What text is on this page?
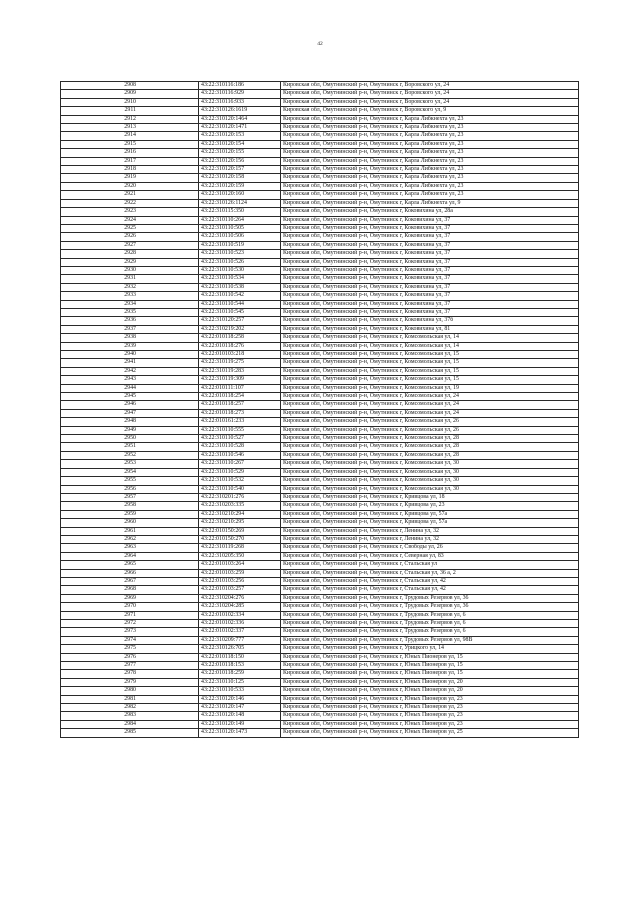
42
2908	43:22:310116:186	Кировская обл, Омутнинский р-н, Омутнинск г, Воровского ул, 24
2909	43:22:310116:929	Кировская обл, Омутнинский р-н, Омутнинск г, Воровского ул, 24
2910	43:22:310116:933	Кировская обл, Омутнинский р-н, Омутнинск г, Воровского ул, 24
2911	43:22:310126:1619	Кировская обл, Омутнинский р-н, Омутнинск г, Воровского ул, 9
2912	43:22:310120:1464	Кировская обл, Омутнинский р-н, Омутнинск г, Карла Либкнехта ул, 23
2913	43:22:310120:1471	Кировская обл, Омутнинский р-н, Омутнинск г, Карла Либкнехта ул, 23
2914	43:22:310120:153	Кировская обл, Омутнинский р-н, Омутнинск г, Карла Либкнехта ул, 23
2915	43:22:310120:154	Кировская обл, Омутнинский р-н, Омутнинск г, Карла Либкнехта ул, 23
2916	43:22:310120:155	Кировская обл, Омутнинский р-н, Омутнинск г, Карла Либкнехта ул, 23
2917	43:22:310120:156	Кировская обл, Омутнинский р-н, Омутнинск г, Карла Либкнехта ул, 23
2918	43:22:310120:157	Кировская обл, Омутнинский р-н, Омутнинск г, Карла Либкнехта ул, 23
2919	43:22:310120:158	Кировская обл, Омутнинский р-н, Омутнинск г, Карла Либкнехта ул, 23
2920	43:22:310120:159	Кировская обл, Омутнинский р-н, Омутнинск г, Карла Либкнехта ул, 23
2921	43:22:310120:160	Кировская обл, Омутнинский р-н, Омутнинск г, Карла Либкнехта ул, 23
2922	43:22:310126:1124	Кировская обл, Омутнинский р-н, Омутнинск г, Карла Либкнехта ул, 9
2923	43:22:310115:350	Кировская обл, Омутнинский р-н, Омутнинск г, Коковихина ул, 28а
2924	43:22:310110:264	Кировская обл, Омутнинский р-н, Омутнинск г, Коковихина ул, 37
2925	43:22:310110:505	Кировская обл, Омутнинский р-н, Омутнинск г, Коковихина ул, 37
2926	43:22:310110:506	Кировская обл, Омутнинский р-н, Омутнинск г, Коковихина ул, 37
2927	43:22:310110:519	Кировская обл, Омутнинский р-н, Омутнинск г, Коковихина ул, 37
2928	43:22:310110:523	Кировская обл, Омутнинский р-н, Омутнинск г, Коковихина ул, 37
2929	43:22:310110:526	Кировская обл, Омутнинский р-н, Омутнинск г, Коковихина ул, 37
2930	43:22:310110:530	Кировская обл, Омутнинский р-н, Омутнинск г, Коковихина ул, 37
2931	43:22:310110:534	Кировская обл, Омутнинский р-н, Омутнинск г, Коковихина ул, 37
2932	43:22:310110:538	Кировская обл, Омутнинский р-н, Омутнинск г, Коковихина ул, 37
2933	43:22:310110:542	Кировская обл, Омутнинский р-н, Омутнинск г, Коковихина ул, 37
2934	43:22:310110:544	Кировская обл, Омутнинский р-н, Омутнинск г, Коковихина ул, 37
2935	43:22:310110:545	Кировская обл, Омутнинский р-н, Омутнинск г, Коковихина ул, 37
2936	43:22:310120:257	Кировская обл, Омутнинский р-н, Омутнинск г, Коковихина ул, 37б
2937	43:22:310219:202	Кировская обл, Омутнинский р-н, Омутнинск г, Коковихина ул, 81
2938	43:22:010118:258	Кировская обл, Омутнинский р-н, Омутнинск г, Комсомольская ул, 14
2939	43:22:010118:276	Кировская обл, Омутнинский р-н, Омутнинск г, Комсомольская ул, 14
2940	43:22:010103:218	Кировская обл, Омутнинский р-н, Омутнинск г, Комсомольская ул, 15
2941	43:22:310119:275	Кировская обл, Омутнинский р-н, Омутнинск г, Комсомольская ул, 15
2942	43:22:310119:283	Кировская обл, Омутнинский р-н, Омутнинск г, Комсомольская ул, 15
2943	43:22:310119:309	Кировская обл, Омутнинский р-н, Омутнинск г, Комсомольская ул, 15
2944	43:22:010111:107	Кировская обл, Омутнинский р-н, Омутнинск г, Комсомольская ул, 19
2945	43:22:010118:254	Кировская обл, Омутнинский р-н, Омутнинск г, Комсомольская ул, 24
2946	43:22:010118:257	Кировская обл, Омутнинский р-н, Омутнинск г, Комсомольская ул, 24
2947	43:22:010118:273	Кировская обл, Омутнинский р-н, Омутнинск г, Комсомольская ул, 24
2948	43:22:010161:233	Кировская обл, Омутнинский р-н, Омутнинск г, Комсомольская ул, 26
2949	43:22:310110:555	Кировская обл, Омутнинский р-н, Омутнинск г, Комсомольская ул, 26
2950	43:22:310110:527	Кировская обл, Омутнинский р-н, Омутнинск г, Комсомольская ул, 28
2951	43:22:310110:528	Кировская обл, Омутнинский р-н, Омутнинск г, Комсомольская ул, 28
2952	43:22:310110:546	Кировская обл, Омутнинский р-н, Омутнинск г, Комсомольская ул, 28
2953	43:22:310110:267	Кировская обл, Омутнинский р-н, Омутнинск г, Комсомольская ул, 30
2954	43:22:310110:529	Кировская обл, Омутнинский р-н, Омутнинск г, Комсомольская ул, 30
2955	43:22:310110:532	Кировская обл, Омутнинский р-н, Омутнинск г, Комсомольская ул, 30
2956	43:22:310110:540	Кировская обл, Омутнинский р-н, Омутнинск г, Комсомольская ул, 30
2957	43:22:310201:276	Кировская обл, Омутнинский р-н, Омутнинск г, Кривцова ул, 18
2958	43:22:310203:335	Кировская обл, Омутнинский р-н, Омутнинск г, Кривцова ул, 23
2959	43:22:310210:294	Кировская обл, Омутнинский р-н, Омутнинск г, Кривцова ул, 57а
2960	43:22:310210:295	Кировская обл, Омутнинский р-н, Омутнинск г, Кривцова ул, 57а
2961	43:22:010150:269	Кировская обл, Омутнинский р-н, Омутнинск г, Ленина ул, 32
2962	43:22:010150:270	Кировская обл, Омутнинский р-н, Омутнинск г, Ленина ул, 32
2963	43:22:310119:268	Кировская обл, Омутнинский р-н, Омутнинск г, Свободы ул, 26
2964	43:22:310205:350	Кировская обл, Омутнинский р-н, Омутнинск г, Северная ул, 83
2965	43:22:010103:264	Кировская обл, Омутнинский р-н, Омутнинск г, Стальская ул
2966	43:22:010103:259	Кировская обл, Омутнинский р-н, Омутнинск г, Стальская ул, 36 а, 2
2967	43:22:010103:256	Кировская обл, Омутнинский р-н, Омутнинск г, Стальская ул, 42
2968	43:22:010103:257	Кировская обл, Омутнинский р-н, Омутнинск г, Стальская ул, 42
2969	43:22:310204:276	Кировская обл, Омутнинский р-н, Омутнинск г, Трудовых Резервов ул, 36
2970	43:22:310204:285	Кировская обл, Омутнинский р-н, Омутнинск г, Трудовых Резервов ул, 36
2971	43:22:010102:334	Кировская обл, Омутнинский р-н, Омутнинск г, Трудовых Резервов ул, 6
2972	43:22:010102:336	Кировская обл, Омутнинский р-н, Омутнинск г, Трудовых Резервов ул, 6
2973	43:22:010102:337	Кировская обл, Омутнинский р-н, Омутнинск г, Трудовых Резервов ул, 6
2974	43:22:310209:777	Кировская обл, Омутнинский р-н, Омутнинск г, Трудовых Резервов ул, 98В
2975	43:22:310126:705	Кировская обл, Омутнинский р-н, Омутнинск г, Урицкого ул, 14
2976	43:22:010118:150	Кировская обл, Омутнинский р-н, Омутнинск г, Юных Пионеров ул, 15
2977	43:22:010118:153	Кировская обл, Омутнинский р-н, Омутнинск г, Юных Пионеров ул, 15
2978	43:22:010118:259	Кировская обл, Омутнинский р-н, Омутнинск г, Юных Пионеров ул, 15
2979	43:22:310110:125	Кировская обл, Омутнинский р-н, Омутнинск г, Юных Пионеров ул, 20
2980	43:22:310110:533	Кировская обл, Омутнинский р-н, Омутнинск г, Юных Пионеров ул, 20
2981	43:22:310120:146	Кировская обл, Омутнинский р-н, Омутнинск г, Юных Пионеров ул, 23
2982	43:22:310120:147	Кировская обл, Омутнинский р-н, Омутнинск г, Юных Пионеров ул, 23
2983	43:22:310120:148	Кировская обл, Омутнинский р-н, Омутнинск г, Юных Пионеров ул, 23
2984	43:22:310120:149	Кировская обл, Омутнинский р-н, Омутнинск г, Юных Пионеров ул, 23
2985	43:22:310120:1473	Кировская обл, Омутнинский р-н, Омутнинск г, Юных Пионеров ул, 25
